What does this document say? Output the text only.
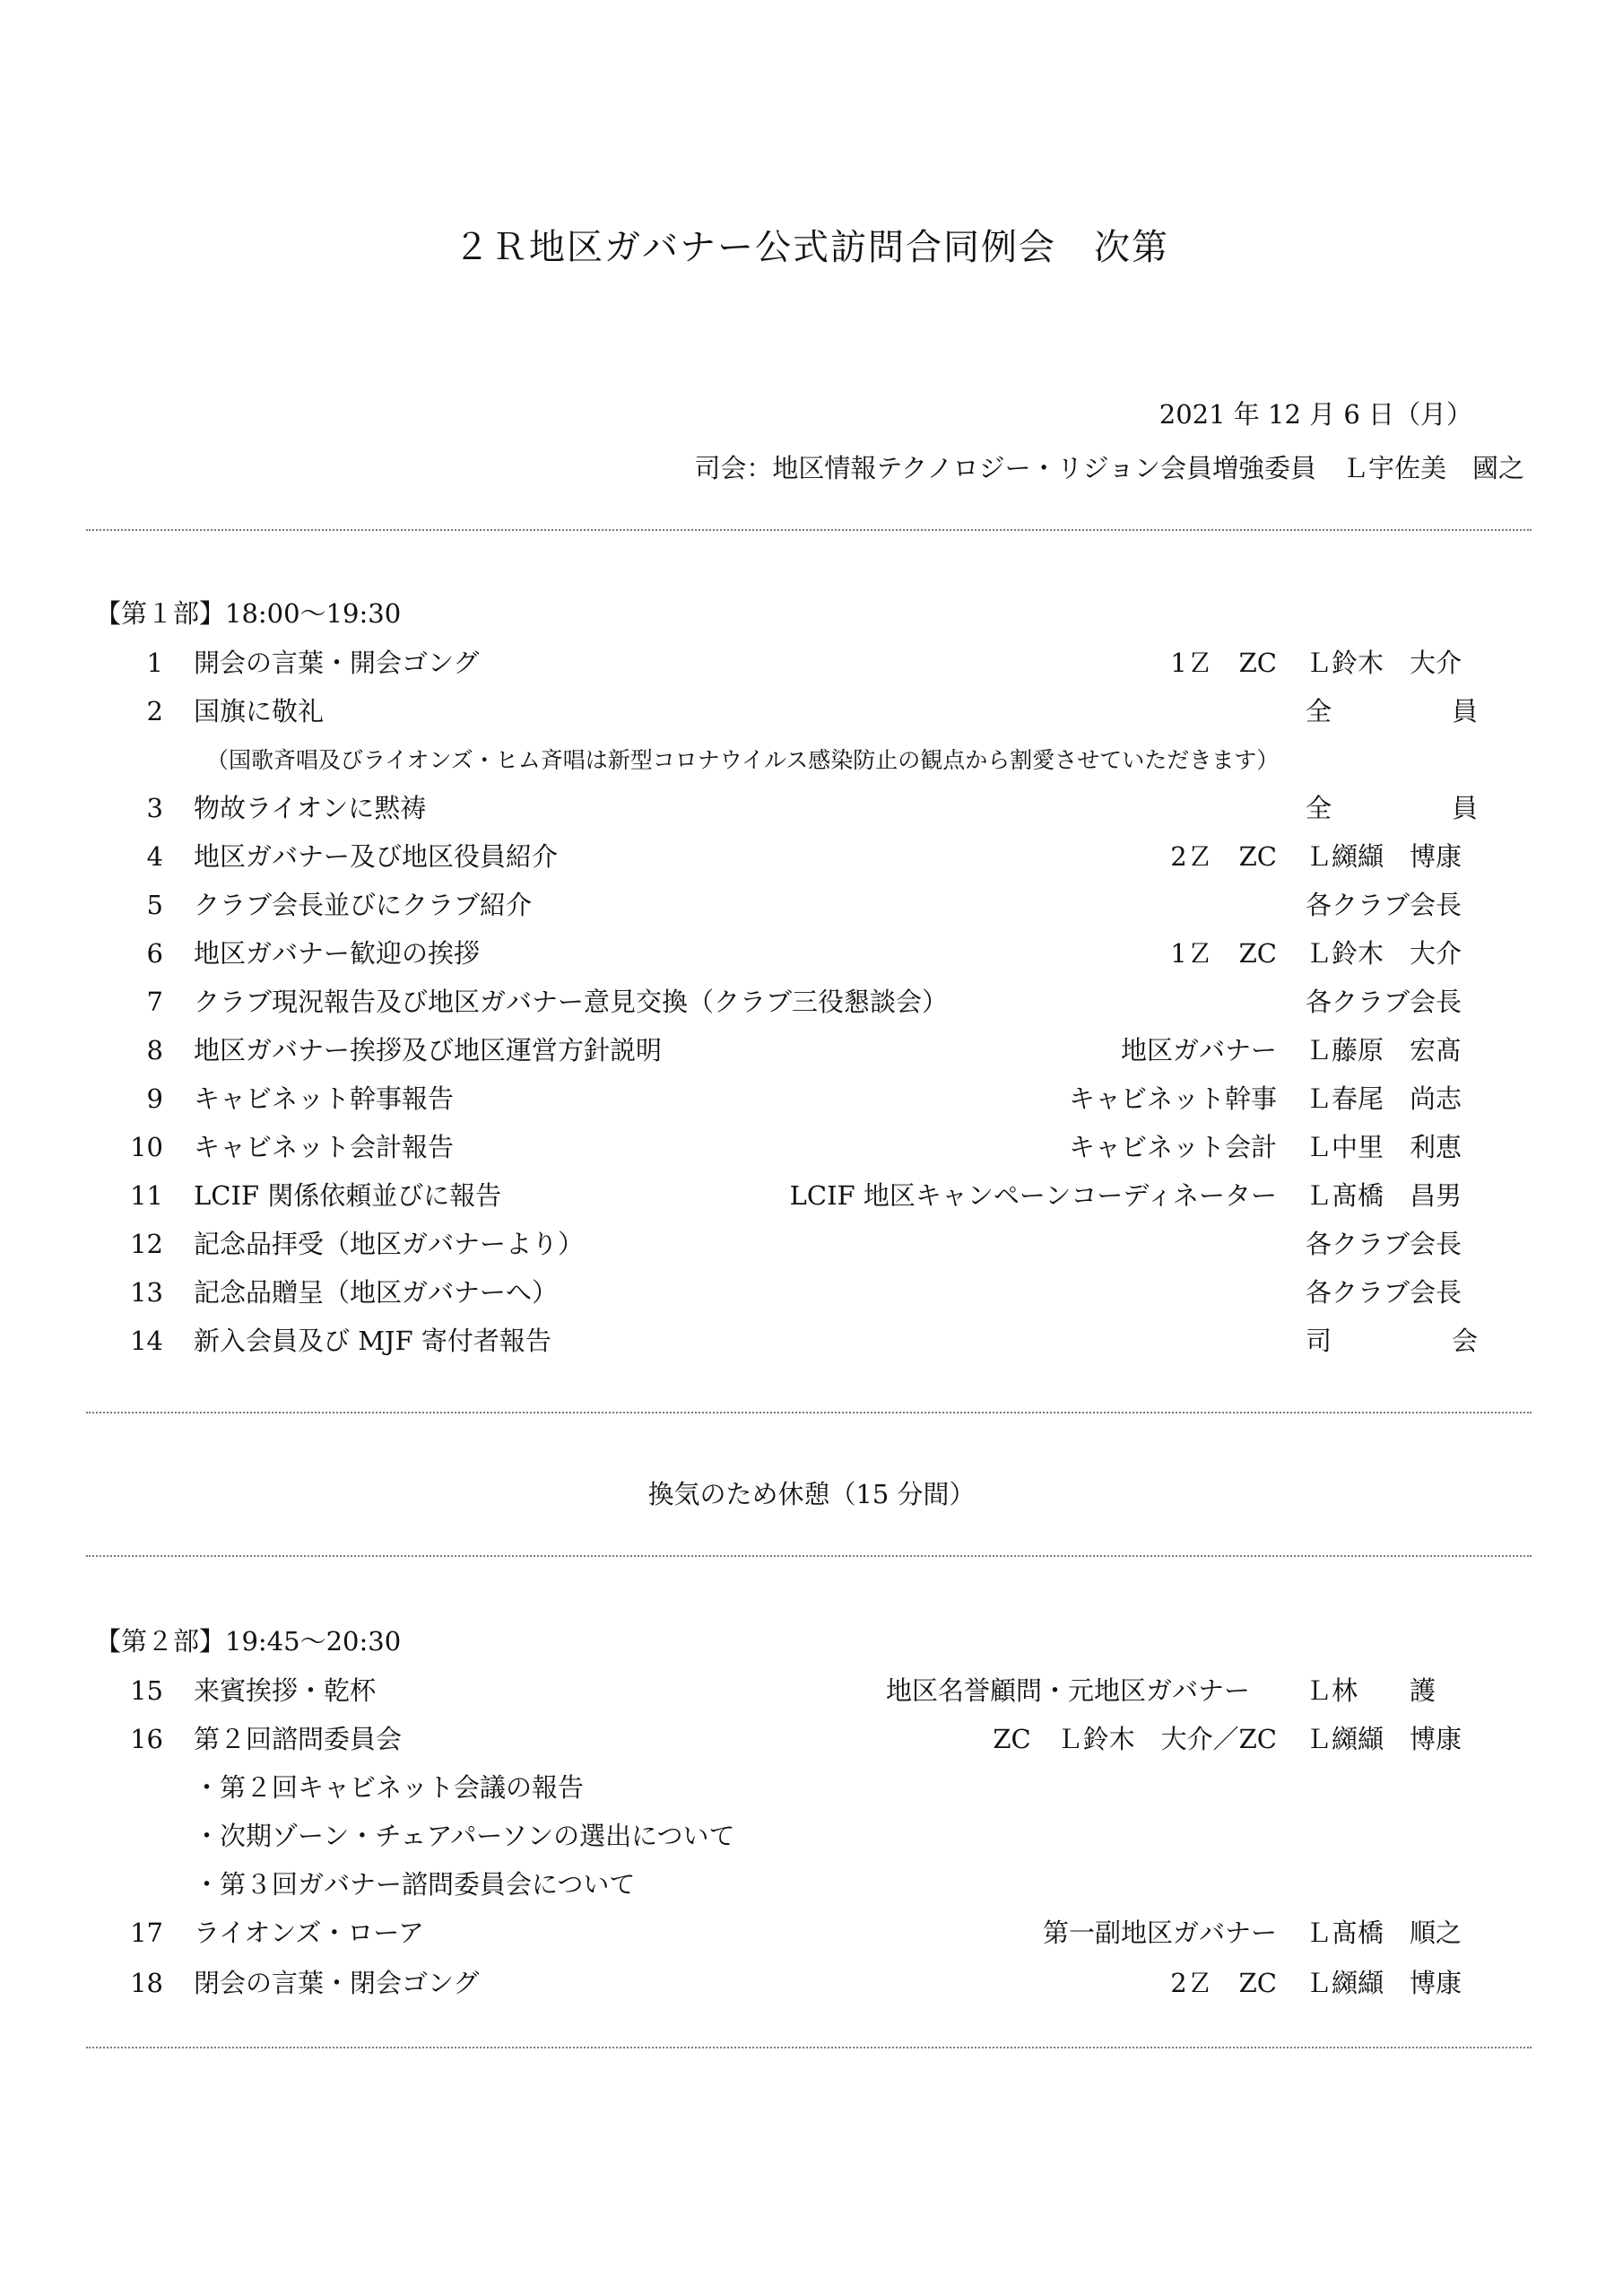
２Ｒ地区ガバナー公式訪問合同例会　次第
2021 年 12 月 6 日（月）
司会：地区情報テクノロジー・リジョン会員増強委員　Ｌ宇佐美　國之
【第１部】18:00〜19:30
1 開会の言葉・開会ゴング	1Ｚ　ZC Ｌ鈴木　大介
2 国旗に敬礼	全	員
（国歌斉唱及びライオンズ・ヒム斉唱は新型コロナウイルス感染防止の観点から割愛させていただきます）
3 物故ライオンに黙祷	全	員
4 地区ガバナー及び地区役員紹介	2Ｚ　ZC Ｌ纐纈　博康
5 クラブ会長並びにクラブ紹介	各クラブ会長
6 地区ガバナー歓迎の挨拶	1Ｚ　ZC Ｌ鈴木　大介
7 クラブ現況報告及び地区ガバナー意見交換（クラブ三役懇談会）	各クラブ会長
8 地区ガバナー挨拶及び地区運営方針説明	地区ガバナー Ｌ藤原　宏髙
9 キャビネット幹事報告	キャビネット幹事 Ｌ春尾　尚志
10 キャビネット会計報告	キャビネット会計 Ｌ中里　利恵
11 LCIF 関係依頼並びに報告	LCIF 地区キャンペーンコーディネーター Ｌ髙橋　昌男
12 記念品拝受（地区ガバナーより）	各クラブ会長
13 記念品贈呈（地区ガバナーへ）	各クラブ会長
14 新入会員及び MJF 寄付者報告	司	会
換気のため休憩（15 分間）
【第２部】19:45〜20:30
15 来賓挨拶・乾杯	地区名誉顧問・元地区ガバナー Ｌ林　　護
16 第２回諮問委員会	ZC　Ｌ鈴木　大介／ZC Ｌ纐纈　博康
・第２回キャビネット会議の報告
・次期ゾーン・チェアパーソンの選出について
・第３回ガバナー諮問委員会について
17 ライオンズ・ローア	第一副地区ガバナー Ｌ髙橋　順之
18 閉会の言葉・閉会ゴング	2Ｚ　ZC Ｌ纐纈　博康
